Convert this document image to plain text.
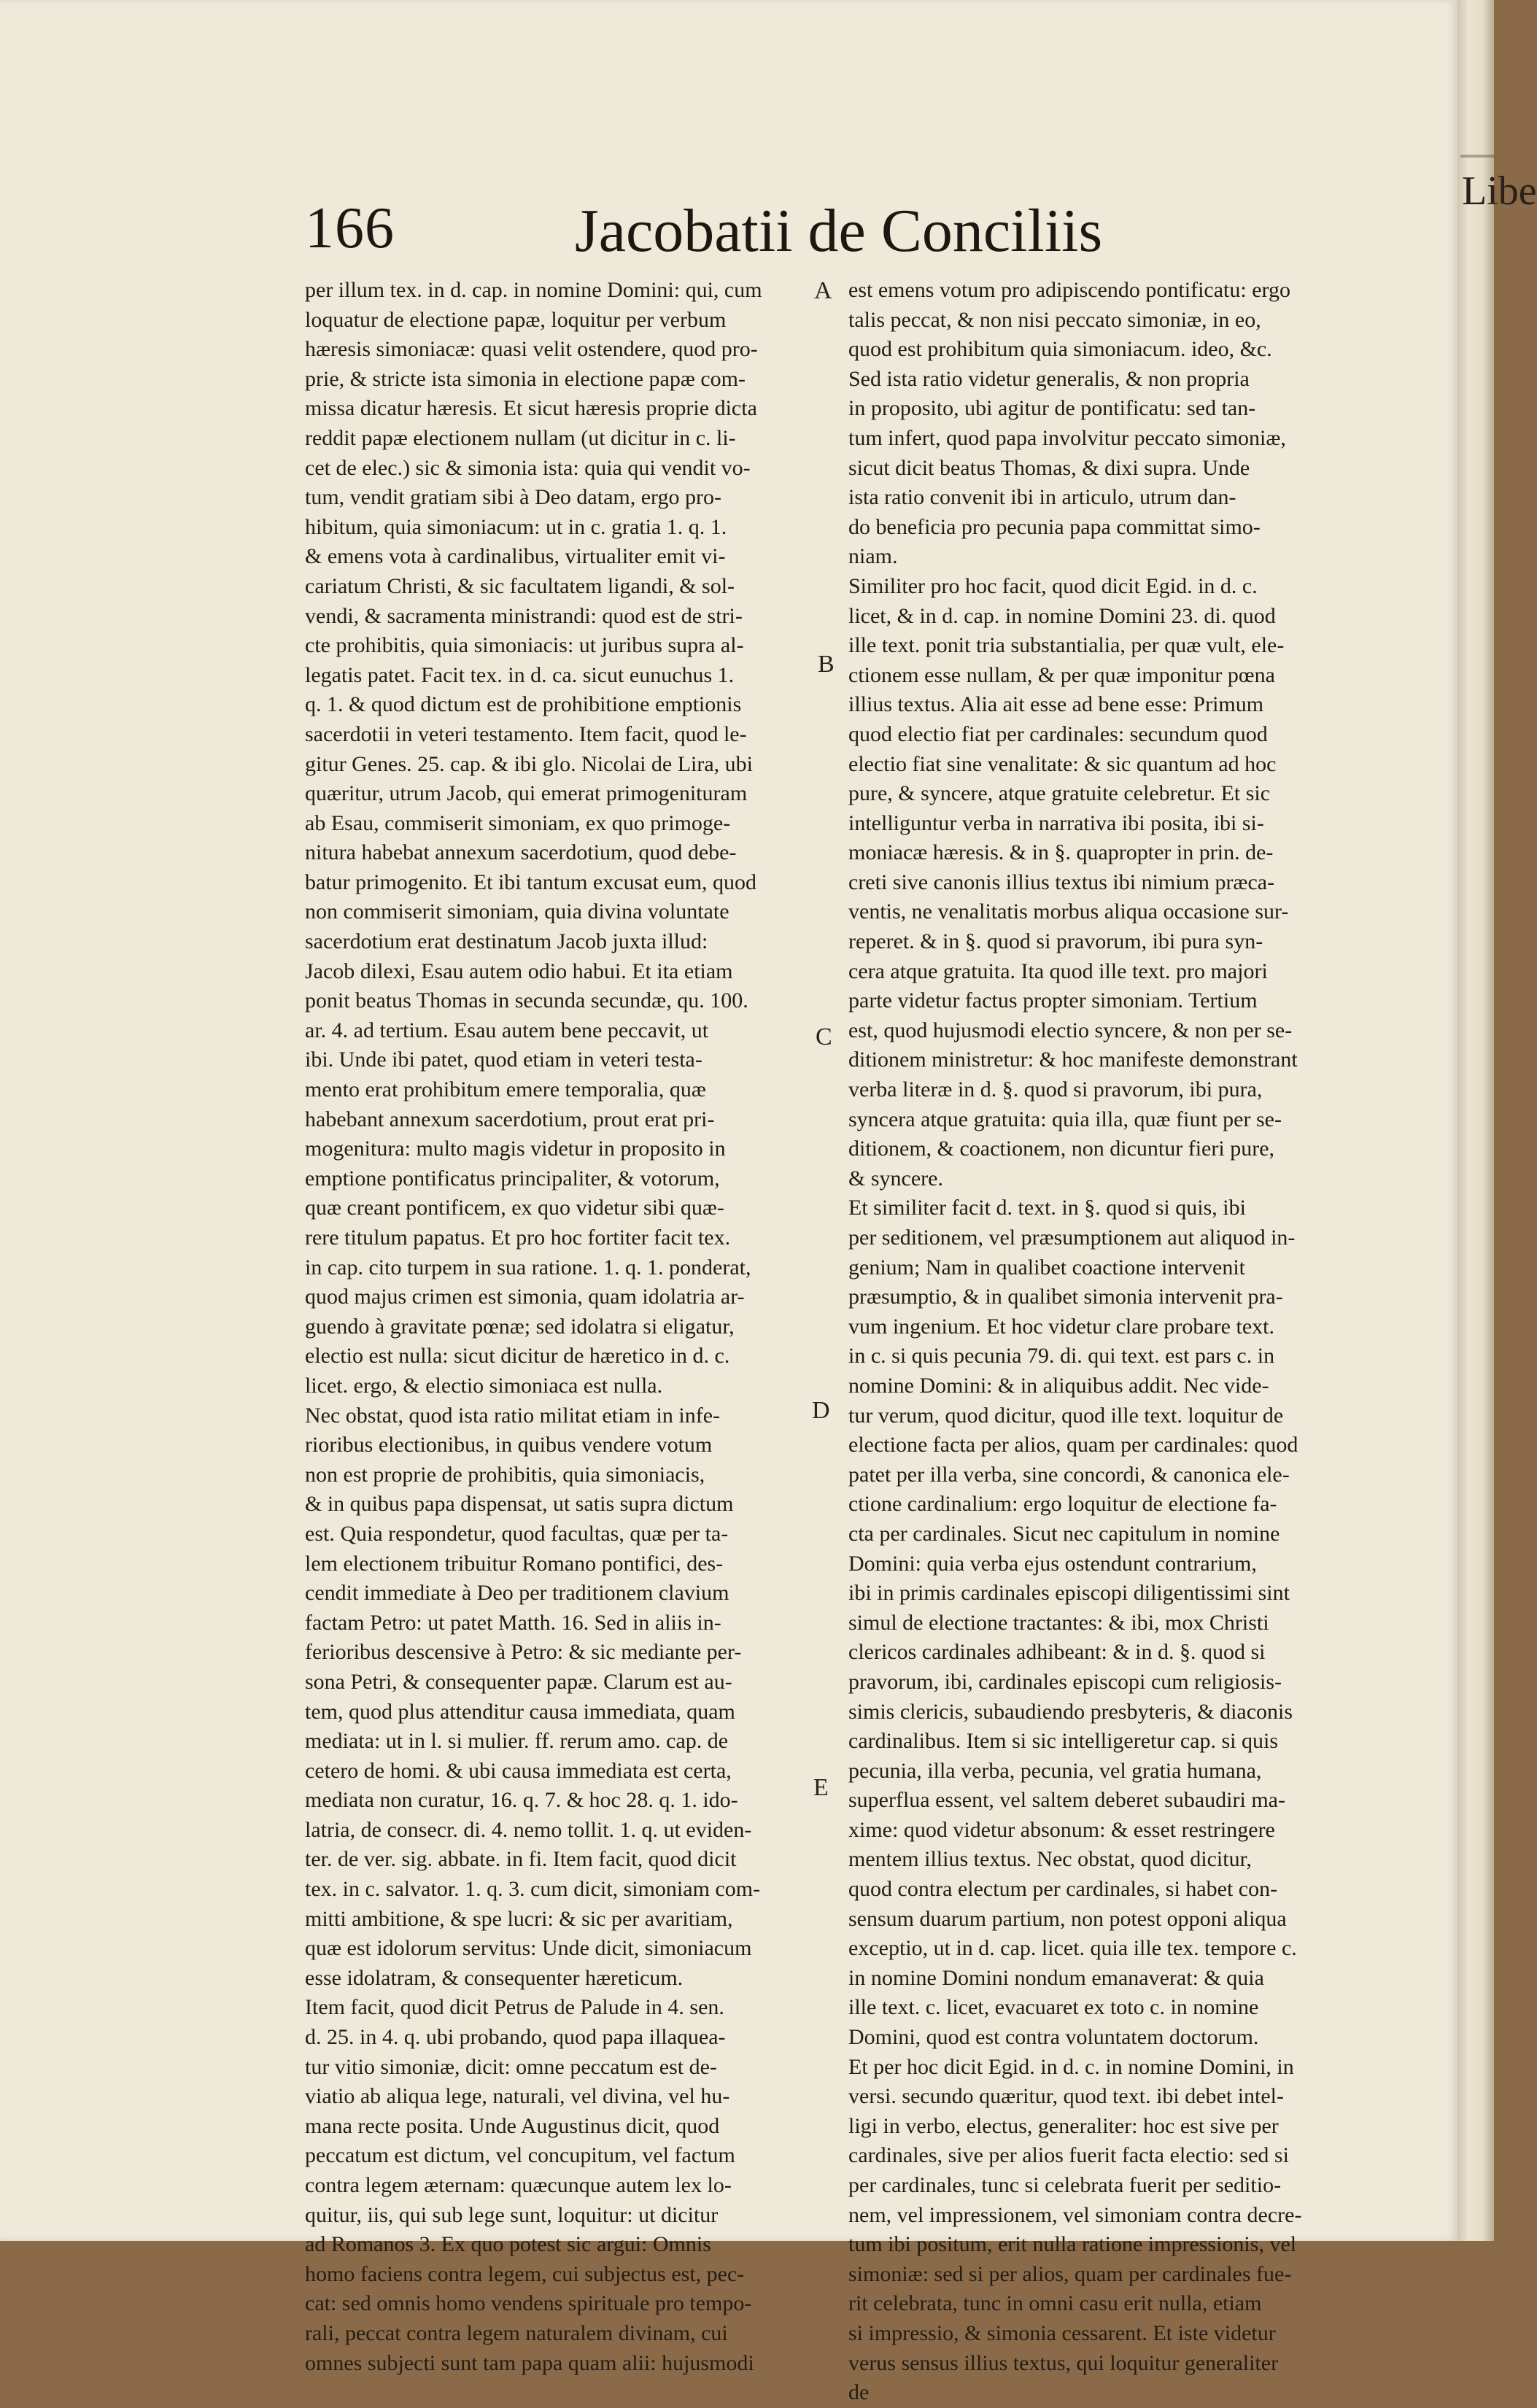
166	Jacobatii de Conciliis
per illum tex. in d. cap. in nomine Domini: qui, cum
loquatur de electione papæ, loquitur per verbum
hæresis simoniacæ: quasi velit ostendere, quod pro-
prie, & stricte ista simonia in electione papæ com-
missa dicatur hæresis. Et sicut hæresis proprie dicta
reddit papæ electionem nullam (ut dicitur in c. li-
cet de elec.) sic & simonia ista: quia qui vendit vo-
tum, vendit gratiam sibi à Deo datam, ergo pro-
hibitum, quia simoniacum: ut in c. gratia 1. q. 1.
& emens vota à cardinalibus, virtualiter emit vi-
cariatum Christi, & sic facultatem ligandi, & sol-
vendi, & sacramenta ministrandi: quod est de stri-
cte prohibitis, quia simoniacis: ut juribus supra al-
legatis patet. Facit tex. in d. ca. sicut eunuchus 1.
q. 1. & quod dictum est de prohibitione emptionis
sacerdotii in veteri testamento. Item facit, quod le-
gitur Genes. 25. cap. & ibi glo. Nicolai de Lira, ubi
quæritur, utrum Jacob, qui emerat primogenituram
ab Esau, commiserit simoniam, ex quo primoge-
nitura habebat annexum sacerdotium, quod debe-
batur primogenito. Et ibi tantum excusat eum, quod
non commiserit simoniam, quia divina voluntate
sacerdotium erat destinatum Jacob juxta illud:
Jacob dilexi, Esau autem odio habui. Et ita etiam
ponit beatus Thomas in secunda secundæ, qu. 100.
ar. 4. ad tertium. Esau autem bene peccavit, ut
ibi. Unde ibi patet, quod etiam in veteri testa-
mento erat prohibitum emere temporalia, quæ
habebant annexum sacerdotium, prout erat pri-
mogenitura: multo magis videtur in proposito in
emptione pontificatus principaliter, & votorum,
quæ creant pontificem, ex quo videtur sibi quæ-
rere titulum papatus. Et pro hoc fortiter facit tex.
in cap. cito turpem in sua ratione. 1. q. 1. ponderat,
quod majus crimen est simonia, quam idolatria ar-
guendo à gravitate pœnæ; sed idolatra si eligatur,
electio est nulla: sicut dicitur de hæretico in d. c.
licet. ergo, & electio simoniaca est nulla.
Nec obstat, quod ista ratio militat etiam in infe-
rioribus electionibus, in quibus vendere votum
non est proprie de prohibitis, quia simoniacis,
& in quibus papa dispensat, ut satis supra dictum
est. Quia respondetur, quod facultas, quæ per ta-
lem electionem tribuitur Romano pontifici, des-
cendit immediate à Deo per traditionem clavium
factam Petro: ut patet Matth. 16. Sed in aliis in-
ferioribus descensive à Petro: & sic mediante per-
sona Petri, & consequenter papæ. Clarum est au-
tem, quod plus attenditur causa immediata, quam
mediata: ut in l. si mulier. ff. rerum amo. cap. de
cetero de homi. & ubi causa immediata est certa,
mediata non curatur, 16. q. 7. & hoc 28. q. 1. ido-
latria, de consecr. di. 4. nemo tollit. 1. q. ut eviden-
ter. de ver. sig. abbate. in fi. Item facit, quod dicit
tex. in c. salvator. 1. q. 3. cum dicit, simoniam com-
mitti ambitione, & spe lucri: & sic per avaritiam,
quæ est idolorum servitus: Unde dicit, simoniacum
esse idolatram, & consequenter hæreticum.
Item facit, quod dicit Petrus de Palude in 4. sen.
d. 25. in 4. q. ubi probando, quod papa illaquea-
tur vitio simoniæ, dicit: omne peccatum est de-
viatio ab aliqua lege, naturali, vel divina, vel hu-
mana recte posita. Unde Augustinus dicit, quod
peccatum est dictum, vel concupitum, vel factum
contra legem æternam: quæcunque autem lex lo-
quitur, iis, qui sub lege sunt, loquitur: ut dicitur
ad Romanos 3. Ex quo potest sic argui: Omnis
homo faciens contra legem, cui subjectus est, pec-
cat: sed omnis homo vendens spirituale pro tempo-
rali, peccat contra legem naturalem divinam, cui
omnes subjecti sunt tam papa quam alii: hujusmodi
A
B
C
D
E
est emens votum pro adipiscendo pontificatu: ergo
talis peccat, & non nisi peccato simoniæ, in eo,
quod est prohibitum quia simoniacum. ideo, &c.
Sed ista ratio videtur generalis, & non propria
in proposito, ubi agitur de pontificatu: sed tan-
tum infert, quod papa involvitur peccato simoniæ,
sicut dicit beatus Thomas, & dixi supra. Unde
ista ratio convenit ibi in articulo, utrum dan-
do beneficia pro pecunia papa committat simo-
niam.
Similiter pro hoc facit, quod dicit Egid. in d. c.
licet, & in d. cap. in nomine Domini 23. di. quod
ille text. ponit tria substantialia, per quæ vult, ele-
ctionem esse nullam, & per quæ imponitur pœna
illius textus. Alia ait esse ad bene esse: Primum
quod electio fiat per cardinales: secundum quod
electio fiat sine venalitate: & sic quantum ad hoc
pure, & syncere, atque gratuite celebretur. Et sic
intelliguntur verba in narrativa ibi posita, ibi si-
moniacæ hæresis. & in §. quapropter in prin. de-
creti sive canonis illius textus ibi nimium præca-
ventis, ne venalitatis morbus aliqua occasione sur-
reperet. & in §. quod si pravorum, ibi pura syn-
cera atque gratuita. Ita quod ille text. pro majori
parte videtur factus propter simoniam. Tertium
est, quod hujusmodi electio syncere, & non per se-
ditionem ministretur: & hoc manifeste demonstrant
verba literæ in d. §. quod si pravorum, ibi pura,
syncera atque gratuita: quia illa, quæ fiunt per se-
ditionem, & coactionem, non dicuntur fieri pure,
& syncere.
Et similiter facit d. text. in §. quod si quis, ibi
per seditionem, vel præsumptionem aut aliquod in-
genium; Nam in qualibet coactione intervenit
præsumptio, & in qualibet simonia intervenit pra-
vum ingenium. Et hoc videtur clare probare text.
in c. si quis pecunia 79. di. qui text. est pars c. in
nomine Domini: & in aliquibus addit. Nec vide-
tur verum, quod dicitur, quod ille text. loquitur de
electione facta per alios, quam per cardinales: quod
patet per illa verba, sine concordi, & canonica ele-
ctione cardinalium: ergo loquitur de electione fa-
cta per cardinales. Sicut nec capitulum in nomine
Domini: quia verba ejus ostendunt contrarium,
ibi in primis cardinales episcopi diligentissimi sint
simul de electione tractantes: & ibi, mox Christi
clericos cardinales adhibeant: & in d. §. quod si
pravorum, ibi, cardinales episcopi cum religiosis-
simis clericis, subaudiendo presbyteris, & diaconis
cardinalibus. Item si sic intelligeretur cap. si quis
pecunia, illa verba, pecunia, vel gratia humana,
superflua essent, vel saltem deberet subaudiri ma-
xime: quod videtur absonum: & esset restringere
mentem illius textus. Nec obstat, quod dicitur,
quod contra electum per cardinales, si habet con-
sensum duarum partium, non potest opponi aliqua
exceptio, ut in d. cap. licet. quia ille tex. tempore c.
in nomine Domini nondum emanaverat: & quia
ille text. c. licet, evacuaret ex toto c. in nomine
Domini, quod est contra voluntatem doctorum.
Et per hoc dicit Egid. in d. c. in nomine Domini, in
versi. secundo quæritur, quod text. ibi debet intel-
ligi in verbo, electus, generaliter: hoc est sive per
cardinales, sive per alios fuerit facta electio: sed si
per cardinales, tunc si celebrata fuerit per seditio-
nem, vel impressionem, vel simoniam contra decre-
tum ibi positum, erit nulla ratione impressionis, vel
simoniæ: sed si per alios, quam per cardinales fue-
rit celebrata, tunc in omni casu erit nulla, etiam
si impressio, & simonia cessarent. Et iste videtur
verus sensus illius textus, qui loquitur generaliter
de
Libe
